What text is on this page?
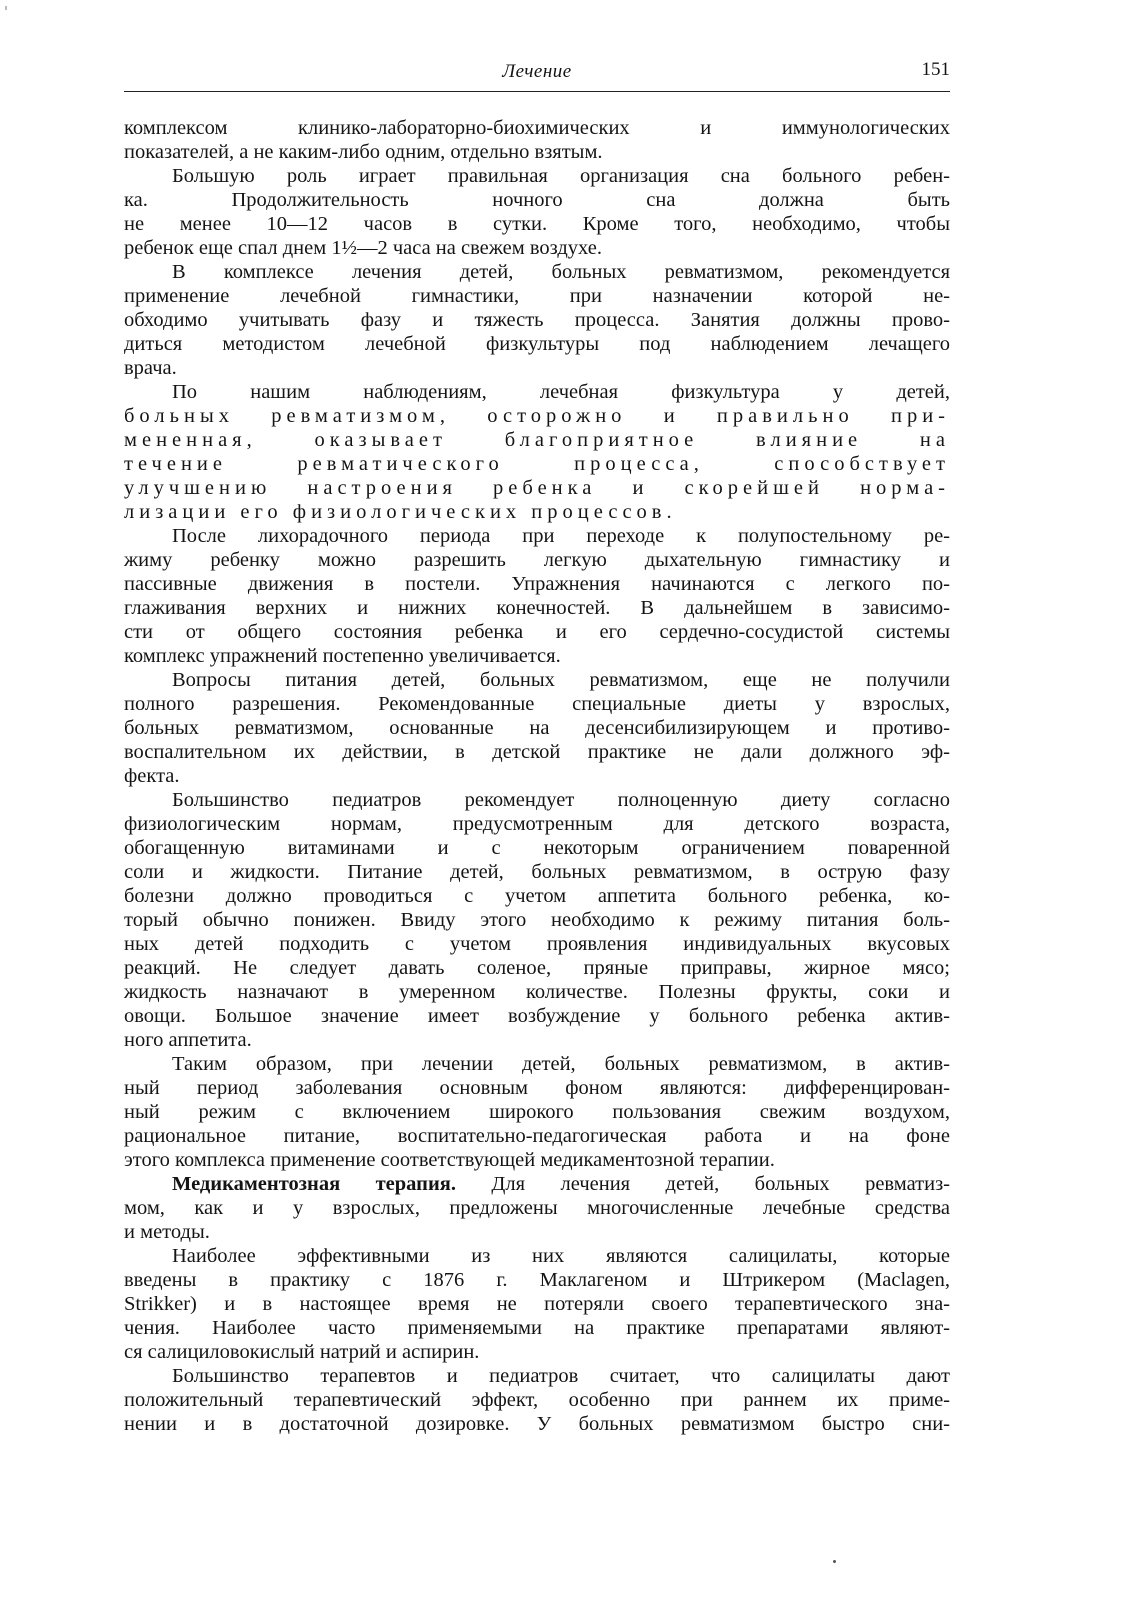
Лечение	151
комплексом клинико-лабораторно-биохимических и иммунологических
показателей, а не каким-либо одним, отдельно взятым.
Большую роль играет правильная организация сна больного ребен-
ка. Продолжительность ночного сна должна быть
не менее 10—12 часов в сутки. Кроме того, необходимо, чтобы
ребенок еще спал днем 1½—2 часа на свежем воздухе.
В комплексе лечения детей, больных ревматизмом, рекомендуется
применение лечебной гимнастики, при назначении которой не-
обходимо учитывать фазу и тяжесть процесса. Занятия должны прово-
диться методистом лечебной физкультуры под наблюдением лечащего
врача.
По нашим наблюдениям, лечебная физкультура у детей,
больных ревматизмом, осторожно и правильно при-
мененная, оказывает благоприятное влияние на
течение ревматического процесса, способствует
улучшению настроения ребенка и скорейшей норма-
лизации его физиологических процессов.
После лихорадочного периода при переходе к полупостельному ре-
жиму ребенку можно разрешить легкую дыхательную гимнастику и
пассивные движения в постели. Упражнения начинаются с легкого по-
глаживания верхних и нижних конечностей. В дальнейшем в зависимо-
сти от общего состояния ребенка и его сердечно-сосудистой системы
комплекс упражнений постепенно увеличивается.
Вопросы питания детей, больных ревматизмом, еще не получили
полного разрешения. Рекомендованные специальные диеты у взрослых,
больных ревматизмом, основанные на десенсибилизирующем и противо-
воспалительном их действии, в детской практике не дали должного эф-
фекта.
Большинство педиатров рекомендует полноценную диету согласно
физиологическим нормам, предусмотренным для детского возраста,
обогащенную витаминами и с некоторым ограничением поваренной
соли и жидкости. Питание детей, больных ревматизмом, в острую фазу
болезни должно проводиться с учетом аппетита больного ребенка, ко-
торый обычно понижен. Ввиду этого необходимо к режиму питания боль-
ных детей подходить с учетом проявления индивидуальных вкусовых
реакций. Не следует давать соленое, пряные приправы, жирное мясо;
жидкость назначают в умеренном количестве. Полезны фрукты, соки и
овощи. Большое значение имеет возбуждение у больного ребенка актив-
ного аппетита.
Таким образом, при лечении детей, больных ревматизмом, в актив-
ный период заболевания основным фоном являются: дифференцирован-
ный режим с включением широкого пользования свежим воздухом,
рациональное питание, воспитательно-педагогическая работа и на фоне
этого комплекса применение соответствующей медикаментозной терапии.
Медикаментозная терапия. Для лечения детей, больных ревматиз-
мом, как и у взрослых, предложены многочисленные лечебные средства
и методы.
Наиболее эффективными из них являются салицилаты, которые
введены в практику с 1876 г. Маклагеном и Штрикером (Maclagen,
Strikker) и в настоящее время не потеряли своего терапевтического зна-
чения. Наиболее часто применяемыми на практике препаратами являют-
ся салициловокислый натрий и аспирин.
Большинство терапевтов и педиатров считает, что салицилаты дают
положительный терапевтический эффект, особенно при раннем их приме-
нении и в достаточной дозировке. У больных ревматизмом быстро сни-
